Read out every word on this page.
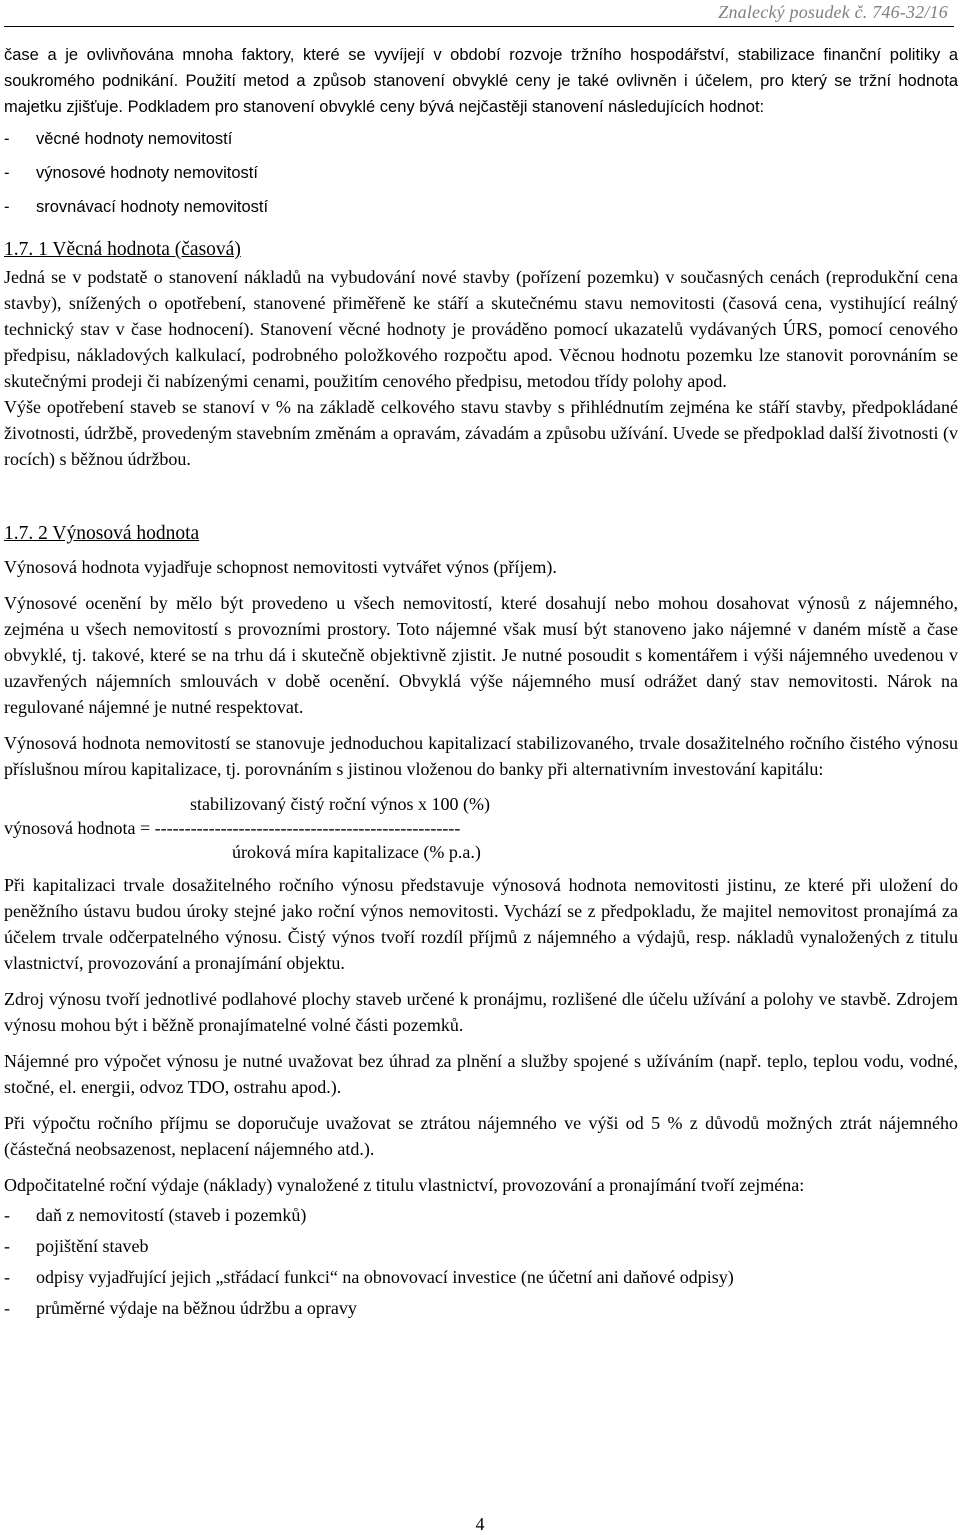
Znalecký posudek č. 746-32/16

čase a je ovlivňována mnoha faktory, které se vyvíjejí v období rozvoje tržního hospodářství, stabilizace finanční politiky a soukromého podnikání. Použití metod a způsob stanovení obvyklé ceny je také ovlivněn i účelem, pro který se tržní hodnota majetku zjišťuje. Podkladem pro stanovení obvyklé ceny bývá nejčastěji stanovení následujících hodnot:

-	věcné hodnoty nemovitostí
-	výnosové hodnoty nemovitostí
-	srovnávací hodnoty nemovitostí
1.7. 1 Věcná hodnota (časová)

Jedná se v podstatě o stanovení nákladů na vybudování nové stavby (pořízení pozemku) v současných cenách (reprodukční cena stavby), snížených o opotřebení, stanovené přiměřeně ke stáří a skutečnému stavu nemovitosti (časová cena, vystihující reálný technický stav v čase hodnocení). Stanovení věcné hodnoty je prováděno pomocí ukazatelů vydávaných ÚRS, pomocí cenového předpisu, nákladových kalkulací, podrobného položkového rozpočtu apod. Věcnou hodnotu pozemku lze stanovit porovnáním se skutečnými prodeji či nabízenými cenami, použitím cenového předpisu, metodou třídy polohy apod.

Výše opotřebení staveb se stanoví v % na základě celkového stavu stavby s přihlédnutím zejména ke stáří stavby, předpokládané životnosti, údržbě, provedeným stavebním změnám a opravám, závadám a způsobu užívání. Uvede se předpoklad další životnosti (v rocích) s běžnou údržbou.

1.7. 2 Výnosová hodnota

Výnosová hodnota vyjadřuje schopnost nemovitosti vytvářet výnos (příjem).

Výnosové ocenění by mělo být provedeno u všech nemovitostí, které dosahují nebo mohou dosahovat výnosů z nájemného, zejména u všech nemovitostí s provozními prostory. Toto nájemné však musí být stanoveno jako nájemné v daném místě a čase obvyklé, tj. takové, které se na trhu dá i skutečně objektivně zjistit. Je nutné posoudit s komentářem i výši nájemného uvedenou v uzavřených nájemních smlouvách v době ocenění. Obvyklá výše nájemného musí odrážet daný stav nemovitosti. Nárok na regulované nájemné je nutné respektovat.

Výnosová hodnota nemovitostí se stanovuje jednoduchou kapitalizací stabilizovaného, trvale dosažitelného ročního čistého výnosu příslušnou mírou kapitalizace, tj. porovnáním s jistinou vloženou do banky při alternativním investování kapitálu:

stabilizovaný čistý roční výnos x 100 (%)
výnosová hodnota = ---------------------------------------------------
úroková míra kapitalizace (% p.a.)

Při kapitalizaci trvale dosažitelného ročního výnosu představuje výnosová hodnota nemovitosti jistinu, ze které při uložení do peněžního ústavu budou úroky stejné jako roční výnos nemovitosti. Vychází se z předpokladu, že majitel nemovitost pronajímá za účelem trvale odčerpatelného výnosu. Čistý výnos tvoří rozdíl příjmů z nájemného a výdajů, resp. nákladů vynaložených z titulu vlastnictví, provozování a pronajímání objektu.

Zdroj výnosu tvoří jednotlivé podlahové plochy staveb určené k pronájmu, rozlišené dle účelu užívání a polohy ve stavbě. Zdrojem výnosu mohou být i běžně pronajímatelné volné části pozemků.

Nájemné pro výpočet výnosu je nutné uvažovat bez úhrad za plnění a služby spojené s užíváním (např. teplo, teplou vodu, vodné, stočné, el. energii, odvoz TDO, ostrahu apod.).

Při výpočtu ročního příjmu se doporučuje uvažovat se ztrátou nájemného ve výši od 5 % z důvodů možných ztrát nájemného (částečná neobsazenost, neplacení nájemného atd.).

Odpočitatelné roční výdaje (náklady) vynaložené z titulu vlastnictví, provozování a pronajímání tvoří zejména:

-	daň z nemovitostí (staveb i pozemků)
-	pojištění staveb
-	odpisy vyjadřující jejich „střádací funkci“ na obnovovací investice (ne účetní ani daňové odpisy)
-	průměrné výdaje na běžnou údržbu a opravy
4
